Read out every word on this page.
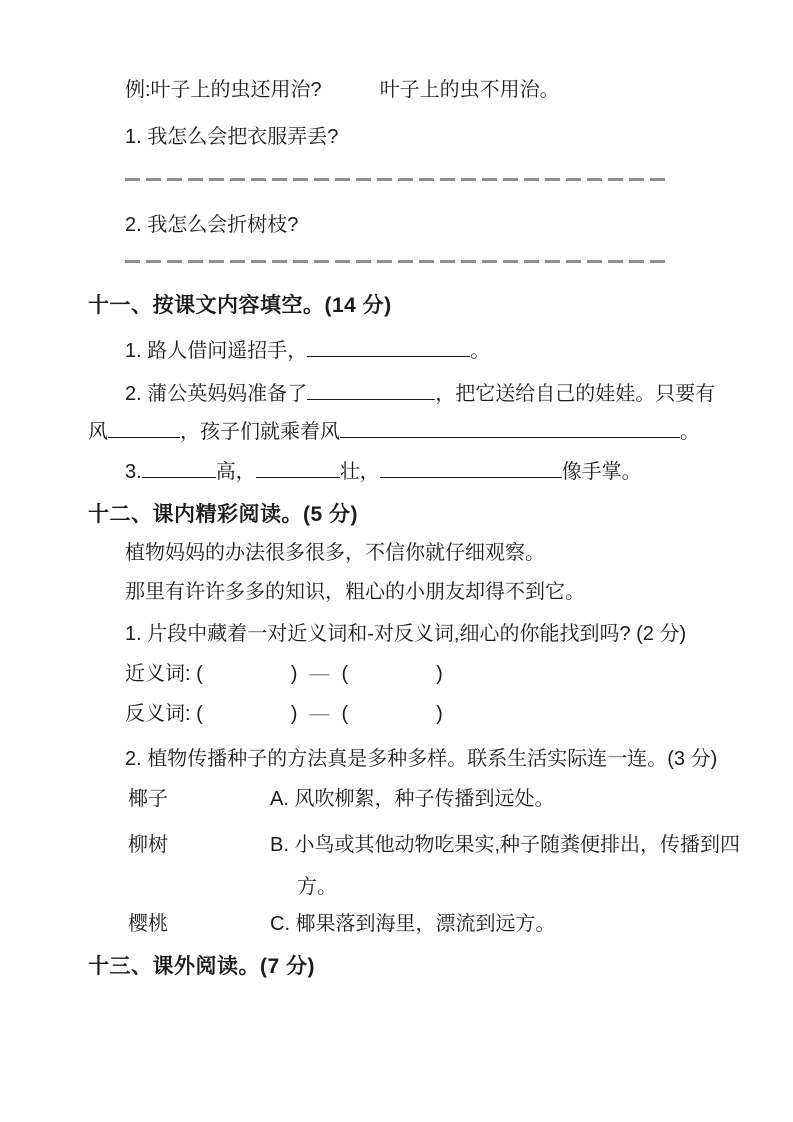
例:叶子上的虫还用治?	叶子上的虫不用治。
1. 我怎么会把衣服弄丢?
2. 我怎么会折树枝?
十一、按课文内容填空。(14 分)
1. 路人借问遥招手，	。
2. 蒲公英妈妈准备了	，把它送给自己的娃娃。只要有
风	，孩子们就乘着风	。
3.	高，	壮，	像手掌。
十二、课内精彩阅读。(5 分)
植物妈妈的办法很多很多，不信你就仔细观察。
那里有许许多多的知识，粗心的小朋友却得不到它。
1. 片段中藏着一对近义词和-对反义词,细心的你能找到吗? (2 分)
近义词: (	) — (	)
反义词: (	) — (	)
2. 植物传播种子的方法真是多种多样。联系生活实际连一连。(3 分)
椰子	A. 风吹柳絮，种子传播到远处。
柳树	B. 小鸟或其他动物吃果实,种子随粪便排出，传播到四方。
樱桃	C. 椰果落到海里，漂流到远方。
十三、课外阅读。(7 分)
